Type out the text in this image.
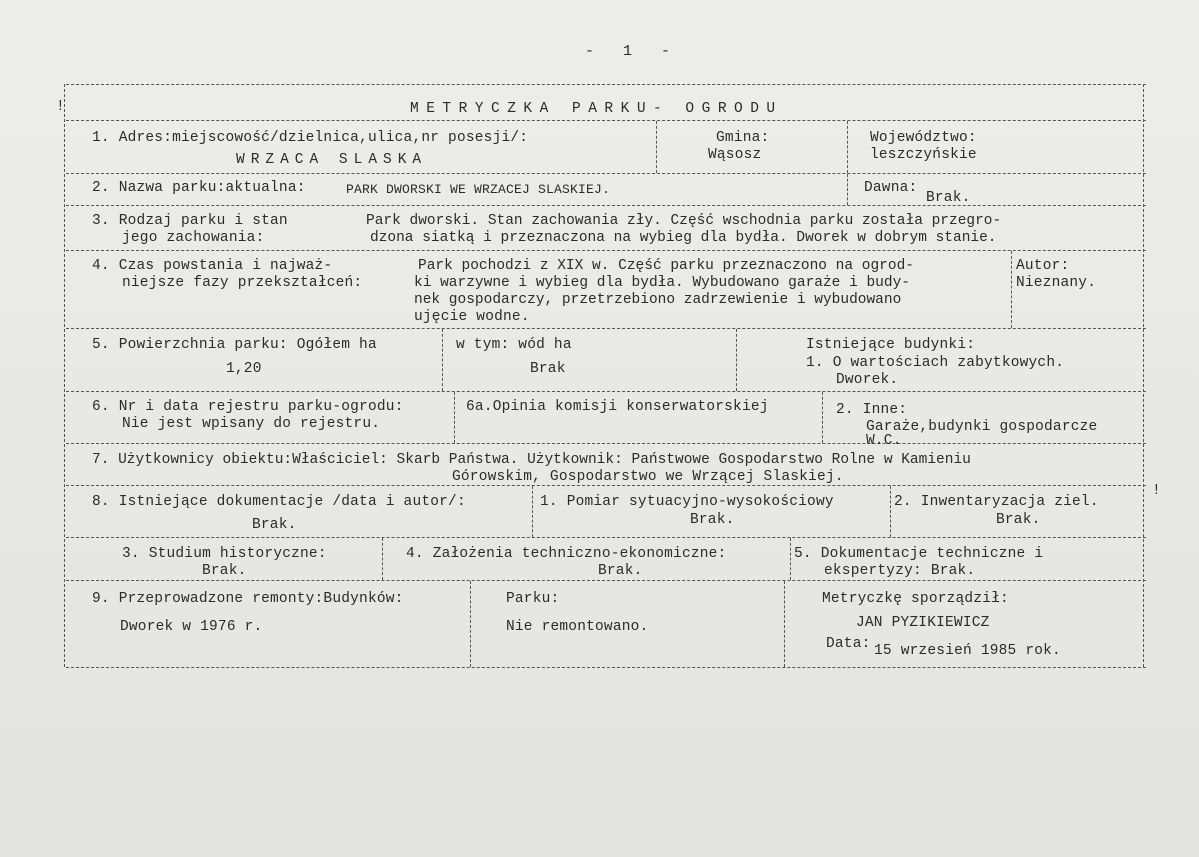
- 1 -
!
!
METRYCZKA PARKU- OGRODU
1. Adres:miejscowość/dzielnica,ulica,nr posesji/:
WRZACA SLASKA
Gmina:
Wąsosz
Województwo:
leszczyńskie
2. Nazwa parku:aktualna:	PARK DWORSKI WE WRZACEJ SLASKIEJ.	Dawna:
Brak.
3. Rodzaj parku i stan
jego zachowania:
Park dworski. Stan zachowania zły. Część wschodnia parku została przegro-
dzona siatką i przeznaczona na wybieg dla bydła. Dworek w dobrym stanie.
4. Czas powstania i najważ-
niejsze fazy przekształceń:
Park pochodzi z XIX w. Część parku przeznaczono na ogrod-
ki warzywne i wybieg dla bydła. Wybudowano garaże i budy-
nek gospodarczy, przetrzebiono zadrzewienie i wybudowano
ujęcie wodne.
Autor:
Nieznany.
5. Powierzchnia parku: Ogółem ha
1,20
w tym: wód ha
Brak
Istniejące budynki:
1. O wartościach zabytkowych.
Dworek.
6. Nr i data rejestru parku-ogrodu:
Nie jest wpisany do rejestru.
6a.Opinia komisji konserwatorskiej	2. Inne:
Garaże,budynki gospodarcze
W.C.
7. Użytkownicy obiektu:Właściciel: Skarb Państwa. Użytkownik: Państwowe Gospodarstwo Rolne w Kamieniu
Górowskim, Gospodarstwo we Wrzącej Slaskiej.
8. Istniejące dokumentacje /data i autor/:
Brak.
1. Pomiar sytuacyjno-wysokościowy
Brak.
2. Inwentaryzacja ziel.
Brak.
3. Studium historyczne:
Brak.
4. Założenia techniczno-ekonomiczne:
Brak.
5. Dokumentacje techniczne i
ekspertyzy: Brak.
9. Przeprowadzone remonty:Budynków:
Dworek w 1976 r.
Parku:
Nie remontowano.
Metryczkę sporządził:
JAN PYZIKIEWICZ
Data: 15 wrzesień 1985 rok.
